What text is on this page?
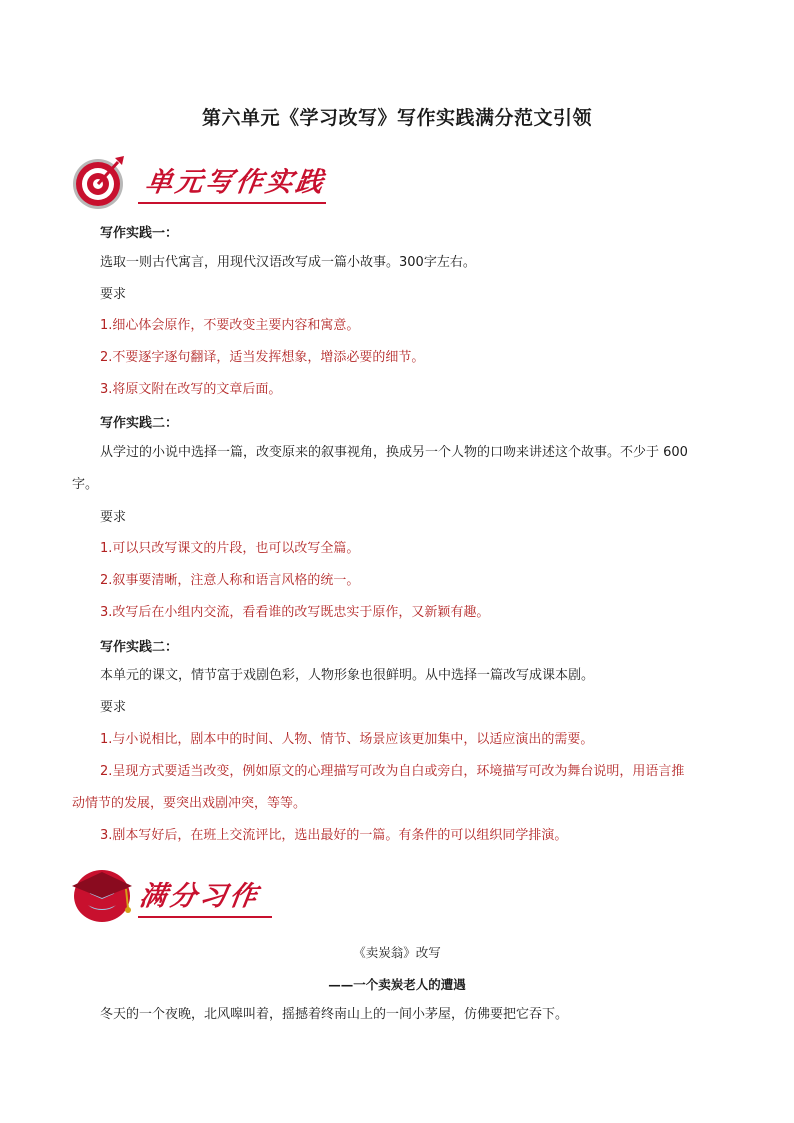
第六单元《学习改写》写作实践满分范文引领
单元写作实践
写作实践一：
选取一则古代寓言，用现代汉语改写成一篇小故事。300字左右。
要求
1.细心体会原作，不要改变主要内容和寓意。
2.不要逐字逐句翻译，适当发挥想象，增添必要的细节。
3.将原文附在改写的文章后面。
写作实践二：
从学过的小说中选择一篇，改变原来的叙事视角，换成另一个人物的口吻来讲述这个故事。不少于 600
字。
要求
1.可以只改写课文的片段，也可以改写全篇。
2.叙事要清晰，注意人称和语言风格的统一。
3.改写后在小组内交流，看看谁的改写既忠实于原作，又新颖有趣。
写作实践二：
本单元的课文，情节富于戏剧色彩，人物形象也很鲜明。从中选择一篇改写成课本剧。
要求
1.与小说相比，剧本中的时间、人物、情节、场景应该更加集中，以适应演出的需要。
2.呈现方式要适当改变，例如原文的心理描写可改为自白或旁白，环境描写可改为舞台说明，用语言推
动情节的发展，要突出戏剧冲突，等等。
3.剧本写好后，在班上交流评比，选出最好的一篇。有条件的可以组织同学排演。
满分习作
《卖炭翁》改写
——一个卖炭老人的遭遇
冬天的一个夜晚，北风嗥叫着，摇撼着终南山上的一间小茅屋，仿佛要把它吞下。
